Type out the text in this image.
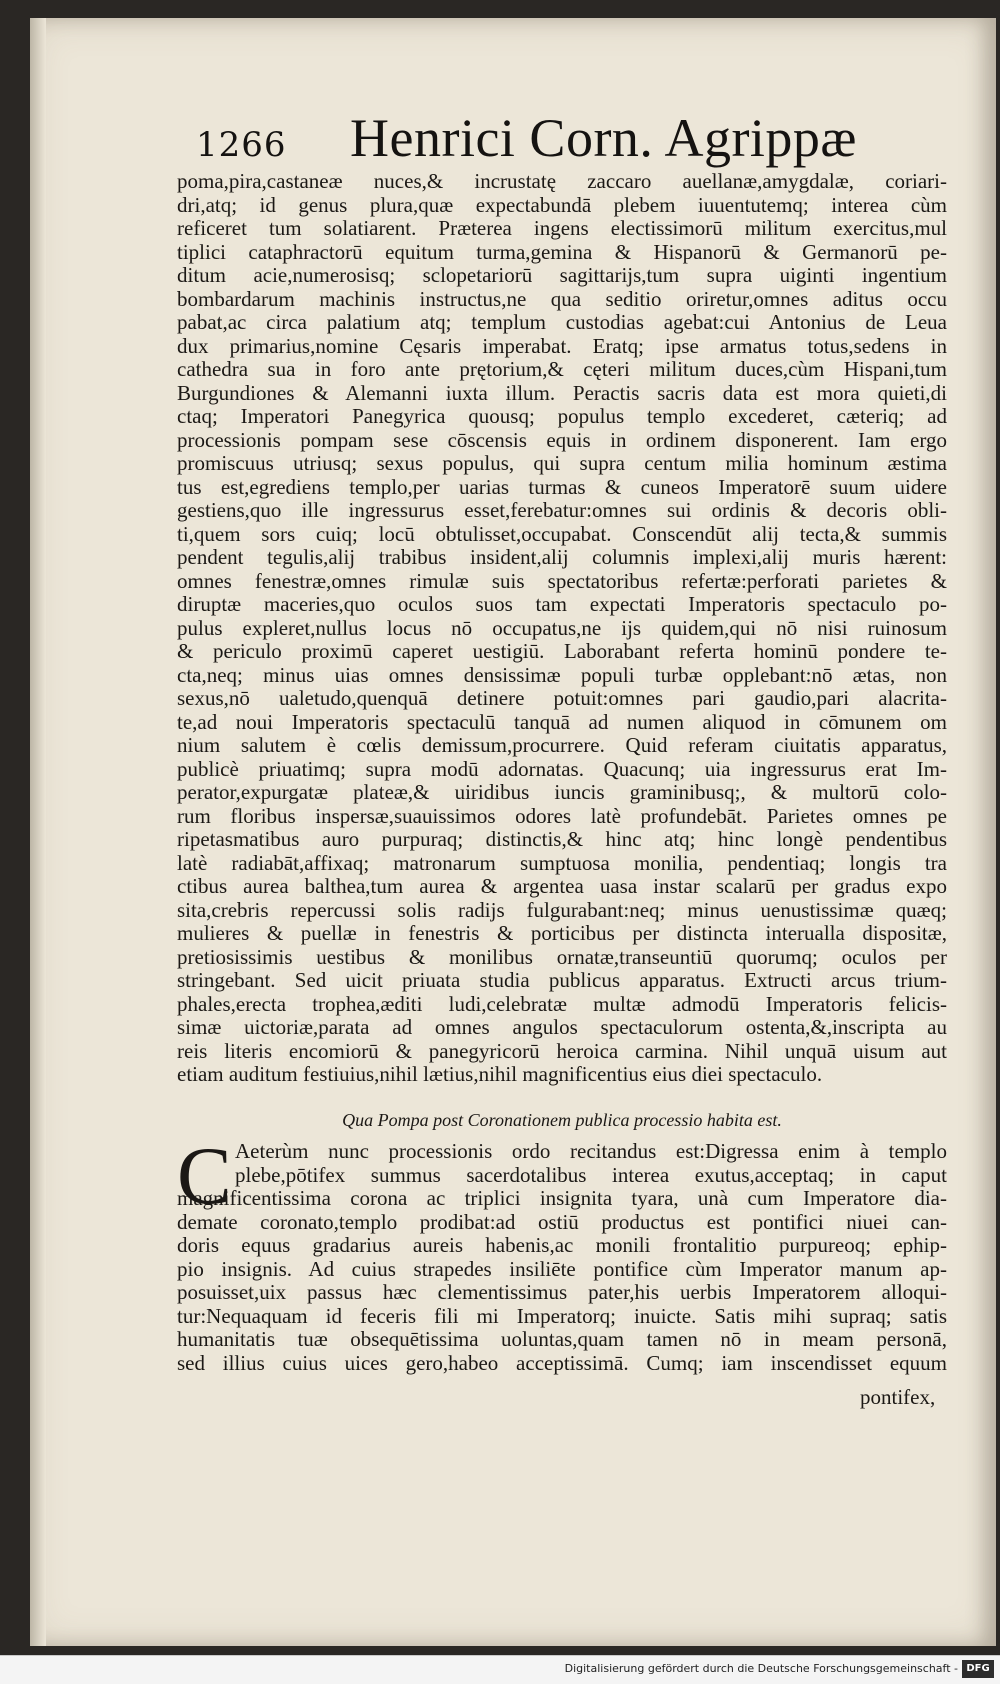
1266 Henrici Corn. Agrippæ
poma,pira,castaneæ nuces,& incrustatę zaccaro auellanæ,amygdalæ, coriari-
dri,atq; id genus plura,quæ expectabundā plebem iuuentutemq; interea cùm
reficeret tum solatiarent. Præterea ingens electissimorū militum exercitus,mul
tiplici cataphractorū equitum turma,gemina & Hispanorū & Germanorū pe-
ditum acie,numerosisq; sclopetariorū sagittarijs,tum supra uiginti ingentium
bombardarum machinis instructus,ne qua seditio oriretur,omnes aditus occu
pabat,ac circa palatium atq; templum custodias agebat:cui Antonius de Leua
dux primarius,nomine Cęsaris imperabat. Eratq; ipse armatus totus,sedens in
cathedra sua in foro ante prętorium,& cęteri militum duces,cùm Hispani,tum
Burgundiones & Alemanni iuxta illum. Peractis sacris data est mora quieti,di
ctaq; Imperatori Panegyrica quousq; populus templo excederet, cæteriq; ad
processionis pompam sese cōscensis equis in ordinem disponerent. Iam ergo
promiscuus utriusq; sexus populus, qui supra centum milia hominum æstima
tus est,egrediens templo,per uarias turmas & cuneos Imperatorē suum uidere
gestiens,quo ille ingressurus esset,ferebatur:omnes sui ordinis & decoris obli-
ti,quem sors cuiq; locū obtulisset,occupabat. Conscendūt alij tecta,& summis
pendent tegulis,alij trabibus insident,alij columnis implexi,alij muris hærent:
omnes fenestræ,omnes rimulæ suis spectatoribus refertæ:perforati parietes &
diruptæ maceries,quo oculos suos tam expectati Imperatoris spectaculo po-
pulus expleret,nullus locus nō occupatus,ne ijs quidem,qui nō nisi ruinosum
& periculo proximū caperet uestigiū. Laborabant referta hominū pondere te-
cta,neq; minus uias omnes densissimæ populi turbæ opplebant:nō ætas, non
sexus,nō ualetudo,quenquā detinere potuit:omnes pari gaudio,pari alacrita-
te,ad noui Imperatoris spectaculū tanquā ad numen aliquod in cōmunem om
nium salutem è cœlis demissum,procurrere. Quid referam ciuitatis apparatus,
publicè priuatimq; supra modū adornatas. Quacunq; uia ingressurus erat Im-
perator,expurgatæ plateæ,& uiridibus iuncis graminibusq;, & multorū colo-
rum floribus inspersæ,suauissimos odores latè profundebāt. Parietes omnes pe
ripetasmatibus auro purpuraq; distinctis,& hinc atq; hinc longè pendentibus
latè radiabāt,affixaq; matronarum sumptuosa monilia, pendentiaq; longis tra
ctibus aurea baltheа,tum aurea & argentea uasa instar scalarū per gradus expo
sita,crebris repercussi solis radijs fulgurabant:neq; minus uenustissimæ quæq;
mulieres & puellæ in fenestris & porticibus per distincta interualla dispositæ,
pretiosissimis uestibus & monilibus ornatæ,transeuntiū quorumq; oculos per
stringebant. Sed uicit priuata studia publicus apparatus. Extructi arcus trium-
phales,erecta trophea,æditi ludi,celebratæ multæ admodū Imperatoris felicis-
simæ uictoriæ,parata ad omnes angulos spectaculorum ostenta,&,inscripta au
reis literis encomiorū & panegyricorū heroica carmina. Nihil unquā uisum aut
etiam auditum festiuius,nihil lætius,nihil magnificentius eius diei spectaculo.
Qua Pompa post Coronationem publica processio habita est.
C Aeterùm nunc processionis ordo recitandus est:Digressa enim à templo
plebe,pōtifex summus sacerdotalibus interea exutus,acceptaq; in caput
magnificentissima corona ac triplici insignita tyara, unà cum Imperatore dia-
demate coronato,templo prodibat:ad ostiū productus est pontifici niuei can-
doris equus gradarius aureis habenis,ac monili frontalitio purpureoq; ephip-
pio insignis. Ad cuius strapedes insiliēte pontifice cùm Imperator manum ap-
posuisset,uix passus hæc clementissimus pater,his uerbis Imperatorem alloqui-
tur:Nequaquam id feceris fili mi Imperatorq; inuicte. Satis mihi supraq; satis
humanitatis tuæ obsequētissima uoluntas,quam tamen nō in meam personā,
sed illius cuius uices gero,habeo acceptissimā. Cumq; iam inscendisset equum
pontifex,
Digitalisierung gefördert durch die Deutsche Forschungsgemeinschaft - DFG
